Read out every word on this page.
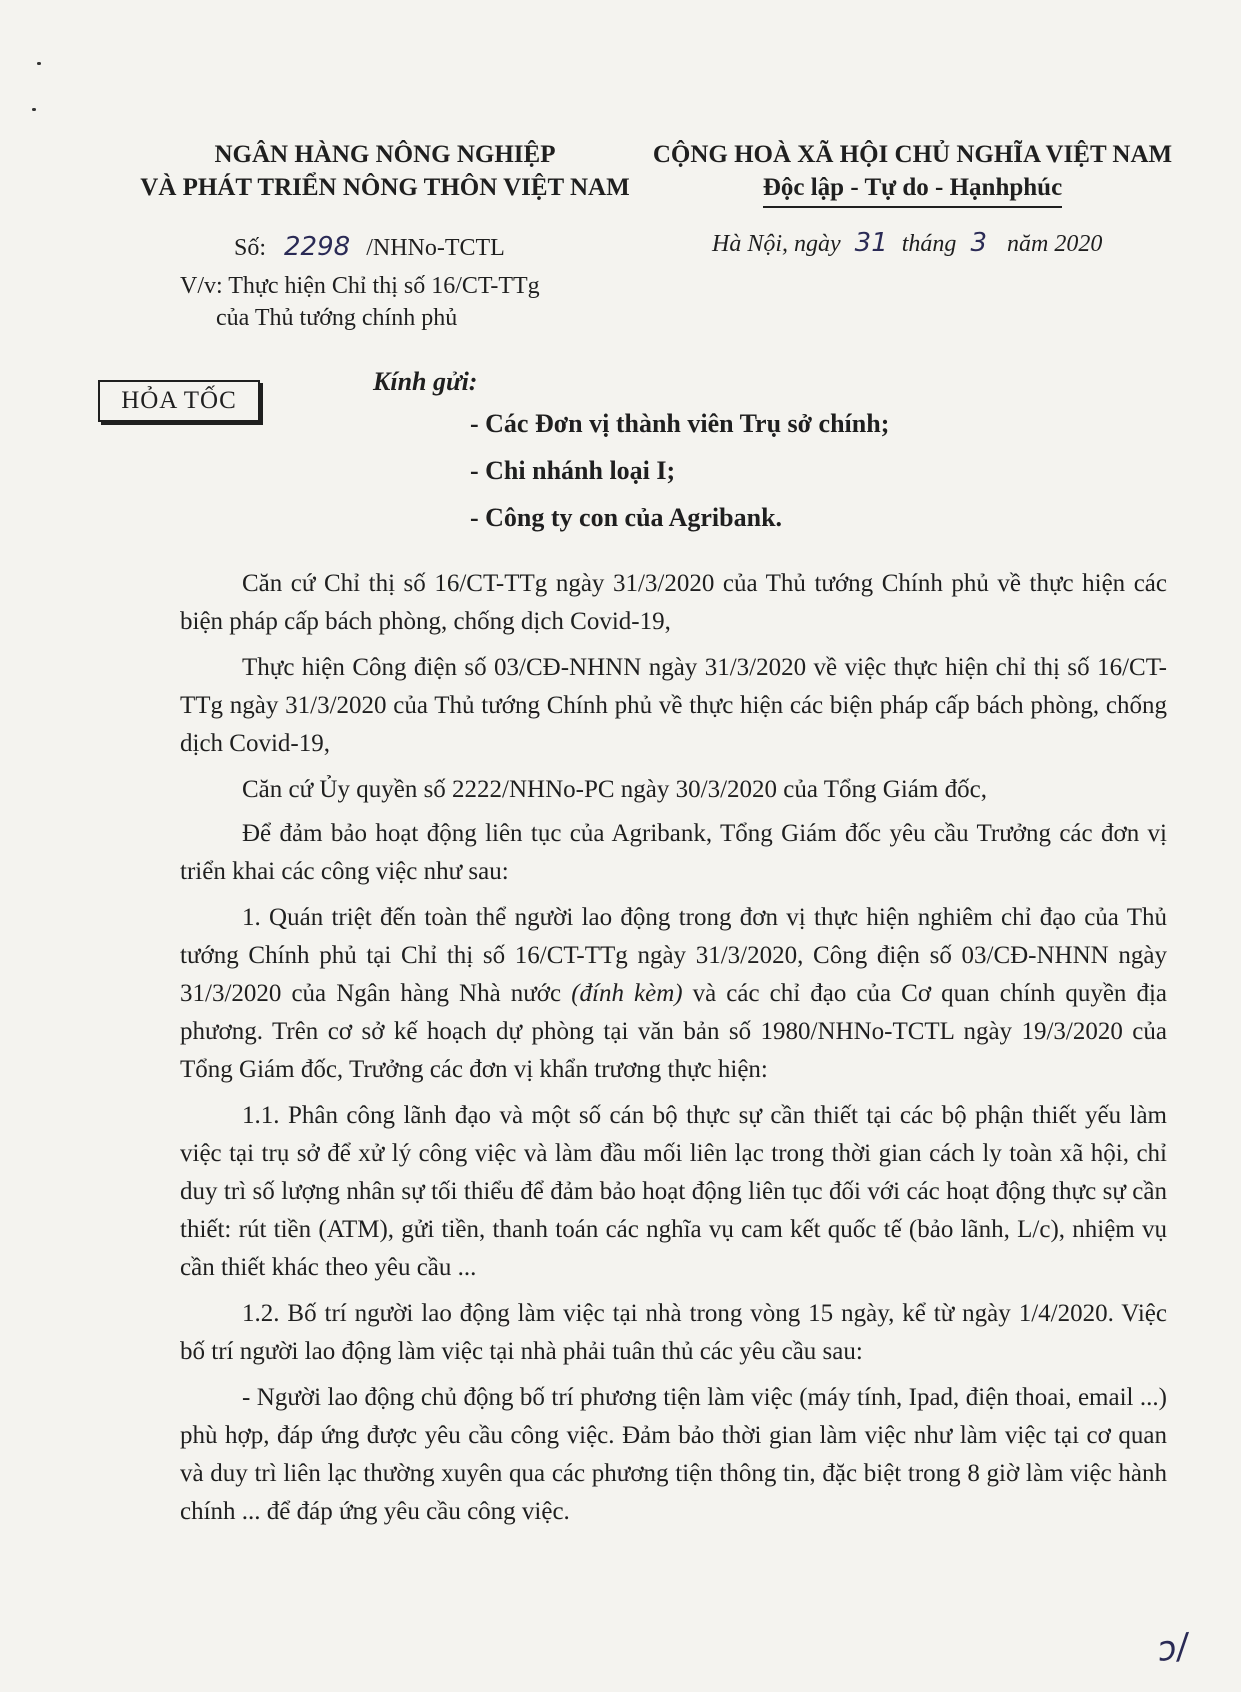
NGÂN HÀNG NÔNG NGHIỆP
VÀ PHÁT TRIỂN NÔNG THÔN VIỆT NAM
CỘNG HOÀ XÃ HỘI CHỦ NGHĨA VIỆT NAM
Độc lập - Tự do - Hạnhphúc
Số: 2298 /NHNo-TCTL	Hà Nội, ngày 31 tháng 3 năm 2020
V/v: Thực hiện Chỉ thị số 16/CT-TTg
của Thủ tướng chính phủ
HỎA TỐC
Kính gửi:
- Các Đơn vị thành viên Trụ sở chính;
- Chi nhánh loại I;
- Công ty con của Agribank.

Căn cứ Chỉ thị số 16/CT-TTg ngày 31/3/2020 của Thủ tướng Chính phủ về thực hiện các biện pháp cấp bách phòng, chống dịch Covid-19,

Thực hiện Công điện số 03/CĐ-NHNN ngày 31/3/2020 về việc thực hiện chỉ thị số 16/CT-TTg ngày 31/3/2020 của Thủ tướng Chính phủ về thực hiện các biện pháp cấp bách phòng, chống dịch Covid-19,

Căn cứ Ủy quyền số 2222/NHNo-PC ngày 30/3/2020 của Tổng Giám đốc,

Để đảm bảo hoạt động liên tục của Agribank, Tổng Giám đốc yêu cầu Trưởng các đơn vị triển khai các công việc như sau:

1. Quán triệt đến toàn thể người lao động trong đơn vị thực hiện nghiêm chỉ đạo của Thủ tướng Chính phủ tại Chỉ thị số 16/CT-TTg ngày 31/3/2020, Công điện số 03/CĐ-NHNN ngày 31/3/2020 của Ngân hàng Nhà nước (đính kèm) và các chỉ đạo của Cơ quan chính quyền địa phương. Trên cơ sở kế hoạch dự phòng tại văn bản số 1980/NHNo-TCTL ngày 19/3/2020 của Tổng Giám đốc, Trưởng các đơn vị khẩn trương thực hiện:

1.1. Phân công lãnh đạo và một số cán bộ thực sự cần thiết tại các bộ phận thiết yếu làm việc tại trụ sở để xử lý công việc và làm đầu mối liên lạc trong thời gian cách ly toàn xã hội, chỉ duy trì số lượng nhân sự tối thiểu để đảm bảo hoạt động liên tục đối với các hoạt động thực sự cần thiết: rút tiền (ATM), gửi tiền, thanh toán các nghĩa vụ cam kết quốc tế (bảo lãnh, L/c), nhiệm vụ cần thiết khác theo yêu cầu ...

1.2. Bố trí người lao động làm việc tại nhà trong vòng 15 ngày, kể từ ngày 1/4/2020. Việc bố trí người lao động làm việc tại nhà phải tuân thủ các yêu cầu sau:

- Người lao động chủ động bố trí phương tiện làm việc (máy tính, Ipad, điện thoai, email ...) phù hợp, đáp ứng được yêu cầu công việc. Đảm bảo thời gian làm việc như làm việc tại cơ quan và duy trì liên lạc thường xuyên qua các phương tiện thông tin, đặc biệt trong 8 giờ làm việc hành chính ... để đáp ứng yêu cầu công việc.

ↄ/
